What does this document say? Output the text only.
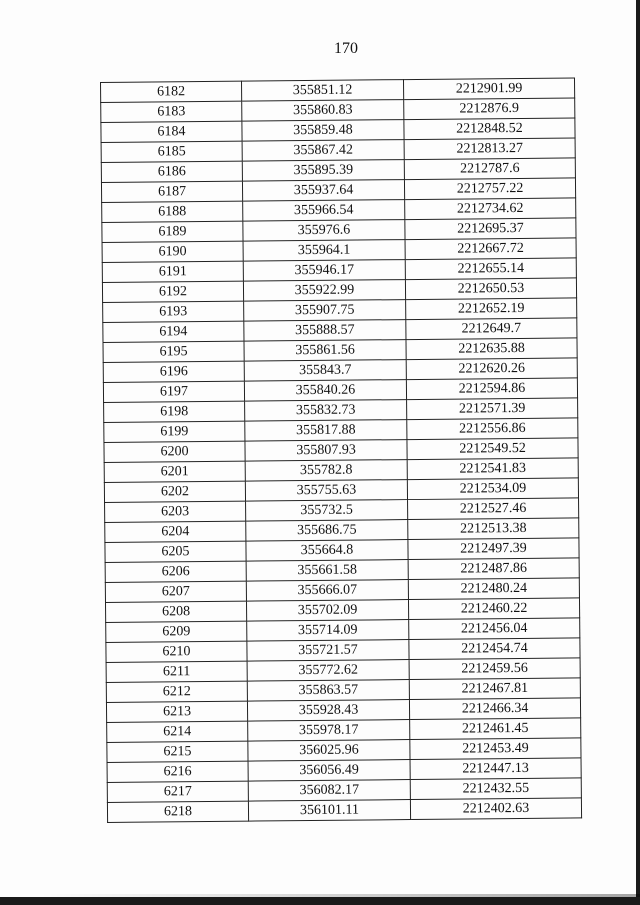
170
6182	355851.12	2212901.99
6183	355860.83	2212876.9
6184	355859.48	2212848.52
6185	355867.42	2212813.27
6186	355895.39	2212787.6
6187	355937.64	2212757.22
6188	355966.54	2212734.62
6189	355976.6	2212695.37
6190	355964.1	2212667.72
6191	355946.17	2212655.14
6192	355922.99	2212650.53
6193	355907.75	2212652.19
6194	355888.57	2212649.7
6195	355861.56	2212635.88
6196	355843.7	2212620.26
6197	355840.26	2212594.86
6198	355832.73	2212571.39
6199	355817.88	2212556.86
6200	355807.93	2212549.52
6201	355782.8	2212541.83
6202	355755.63	2212534.09
6203	355732.5	2212527.46
6204	355686.75	2212513.38
6205	355664.8	2212497.39
6206	355661.58	2212487.86
6207	355666.07	2212480.24
6208	355702.09	2212460.22
6209	355714.09	2212456.04
6210	355721.57	2212454.74
6211	355772.62	2212459.56
6212	355863.57	2212467.81
6213	355928.43	2212466.34
6214	355978.17	2212461.45
6215	356025.96	2212453.49
6216	356056.49	2212447.13
6217	356082.17	2212432.55
6218	356101.11	2212402.63
